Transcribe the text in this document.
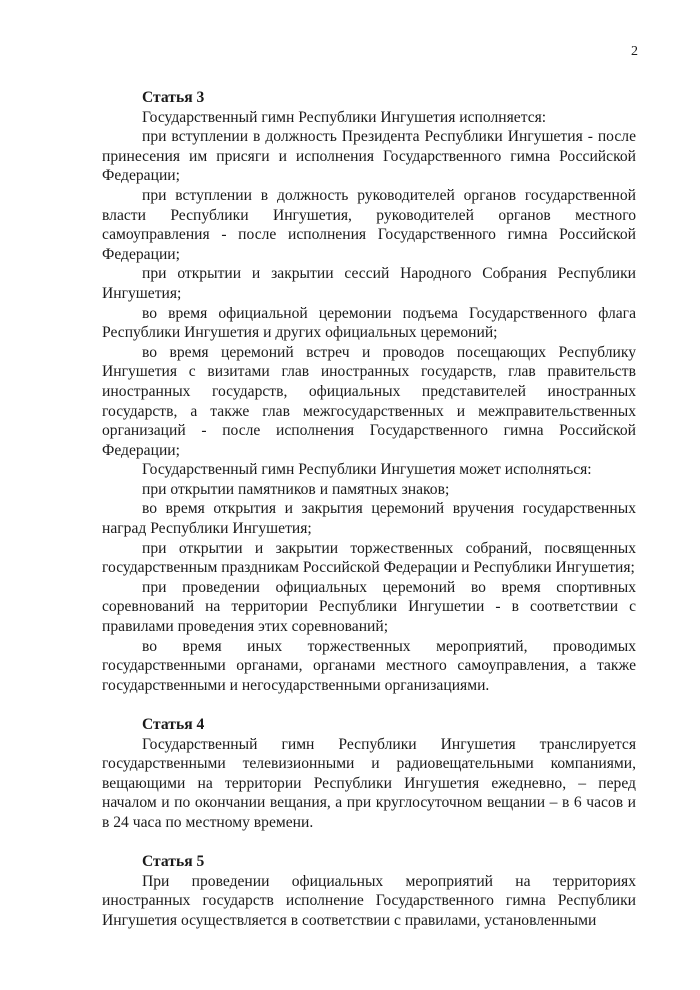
2

Статья 3

Государственный гимн Республики Ингушетия исполняется:

при вступлении в должность Президента Республики Ингушетия - после принесения им присяги и исполнения Государственного гимна Российской Федерации;

при вступлении в должность руководителей органов государственной власти Республики Ингушетия, руководителей органов местного самоуправления - после исполнения Государственного гимна Российской Федерации;

при открытии и закрытии сессий Народного Собрания Республики Ингушетия;

во время официальной церемонии подъема Государственного флага Республики Ингушетия и других официальных церемоний;

во время церемоний встреч и проводов посещающих Республику Ингушетия с визитами глав иностранных государств, глав правительств иностранных государств, официальных представителей иностранных государств, а также глав межгосударственных и межправительственных организаций - после исполнения Государственного гимна Российской Федерации;

Государственный гимн Республики Ингушетия может исполняться:

при открытии памятников и памятных знаков;

во время открытия и закрытия церемоний вручения государственных наград Республики Ингушетия;

при открытии и закрытии торжественных собраний, посвященных государственным праздникам Российской Федерации и Республики Ингушетия;

при проведении официальных церемоний во время спортивных соревнований на территории Республики Ингушетии - в соответствии с правилами проведения этих соревнований;

во время иных торжественных мероприятий, проводимых государственными органами, органами местного самоуправления, а также государственными и негосударственными организациями.

Статья 4

Государственный гимн Республики Ингушетия транслируется государственными телевизионными и радиовещательными компаниями, вещающими на территории Республики Ингушетия ежедневно, – перед началом и по окончании вещания, а при круглосуточном вещании – в 6 часов и в 24 часа по местному времени.

Статья 5

При проведении официальных мероприятий на территориях иностранных государств исполнение Государственного гимна Республики Ингушетия осуществляется в соответствии с правилами, установленными
